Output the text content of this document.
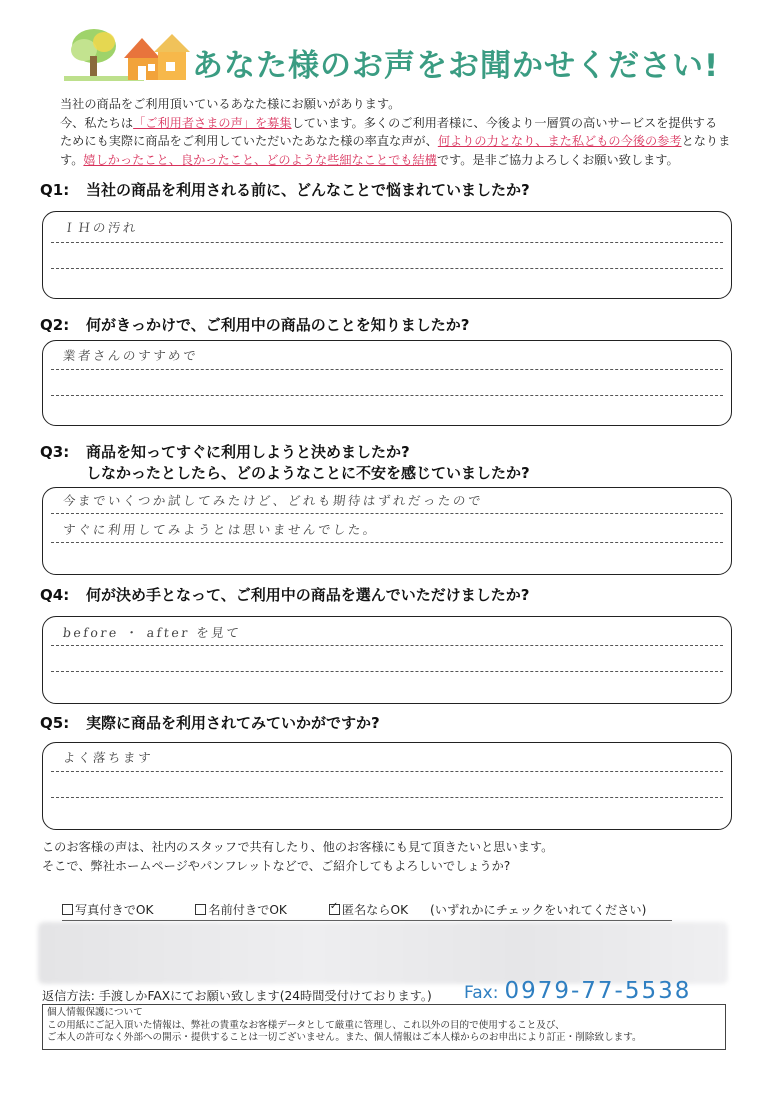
あなた様のお声をお聞かせください!

当社の商品をご利用頂いているあなた様にお願いがあります。

今、私たちは「ご利用者さまの声」を募集しています。多くのご利用者様に、今後より一層質の高いサービスを提供する

ためにも実際に商品をご利用していただいたあなた様の率直な声が、何よりの力となり、また私どもの今後の参考となりま

す。嬉しかったこと、良かったこと、どのような些細なことでも結構です。是非ご協力よろしくお願い致します。

Q1: 当社の商品を利用される前に、どんなことで悩まれていましたか?
ＩＨの汚れ
Q2: 何がきっかけで、ご利用中の商品のことを知りましたか?
業者さんのすすめで
Q3: 商品を知ってすぐに利用しようと決めましたか?
しなかったとしたら、どのようなことに不安を感じていましたか?
今までいくつか試してみたけど、どれも期待はずれだったので
すぐに利用してみようとは思いませんでした。
Q4: 何が決め手となって、ご利用中の商品を選んでいただけましたか?
before ・ after を見て
Q5: 実際に商品を利用されてみていかがですか?
よく落ちます

このお客様の声は、社内のスタッフで共有したり、他のお客様にも見て頂きたいと思います。

そこで、弊社ホームページやパンフレットなどで、ご紹介してもよろしいでしょうか?

写真付きでOK	名前付きでOK ✓	匿名ならOK (いずれかにチェックをいれてください)
返信方法: 手渡しかFAXにてお願い致します(24時間受付けております。) Fax: 0979-77-5538

個人情報保護について

この用紙にご記入頂いた情報は、弊社の貴重なお客様データとして厳重に管理し、これ以外の目的で使用すること及び、

ご本人の許可なく外部への開示・提供することは一切ございません。また、個人情報はご本人様からのお申出により訂正・削除致します。
